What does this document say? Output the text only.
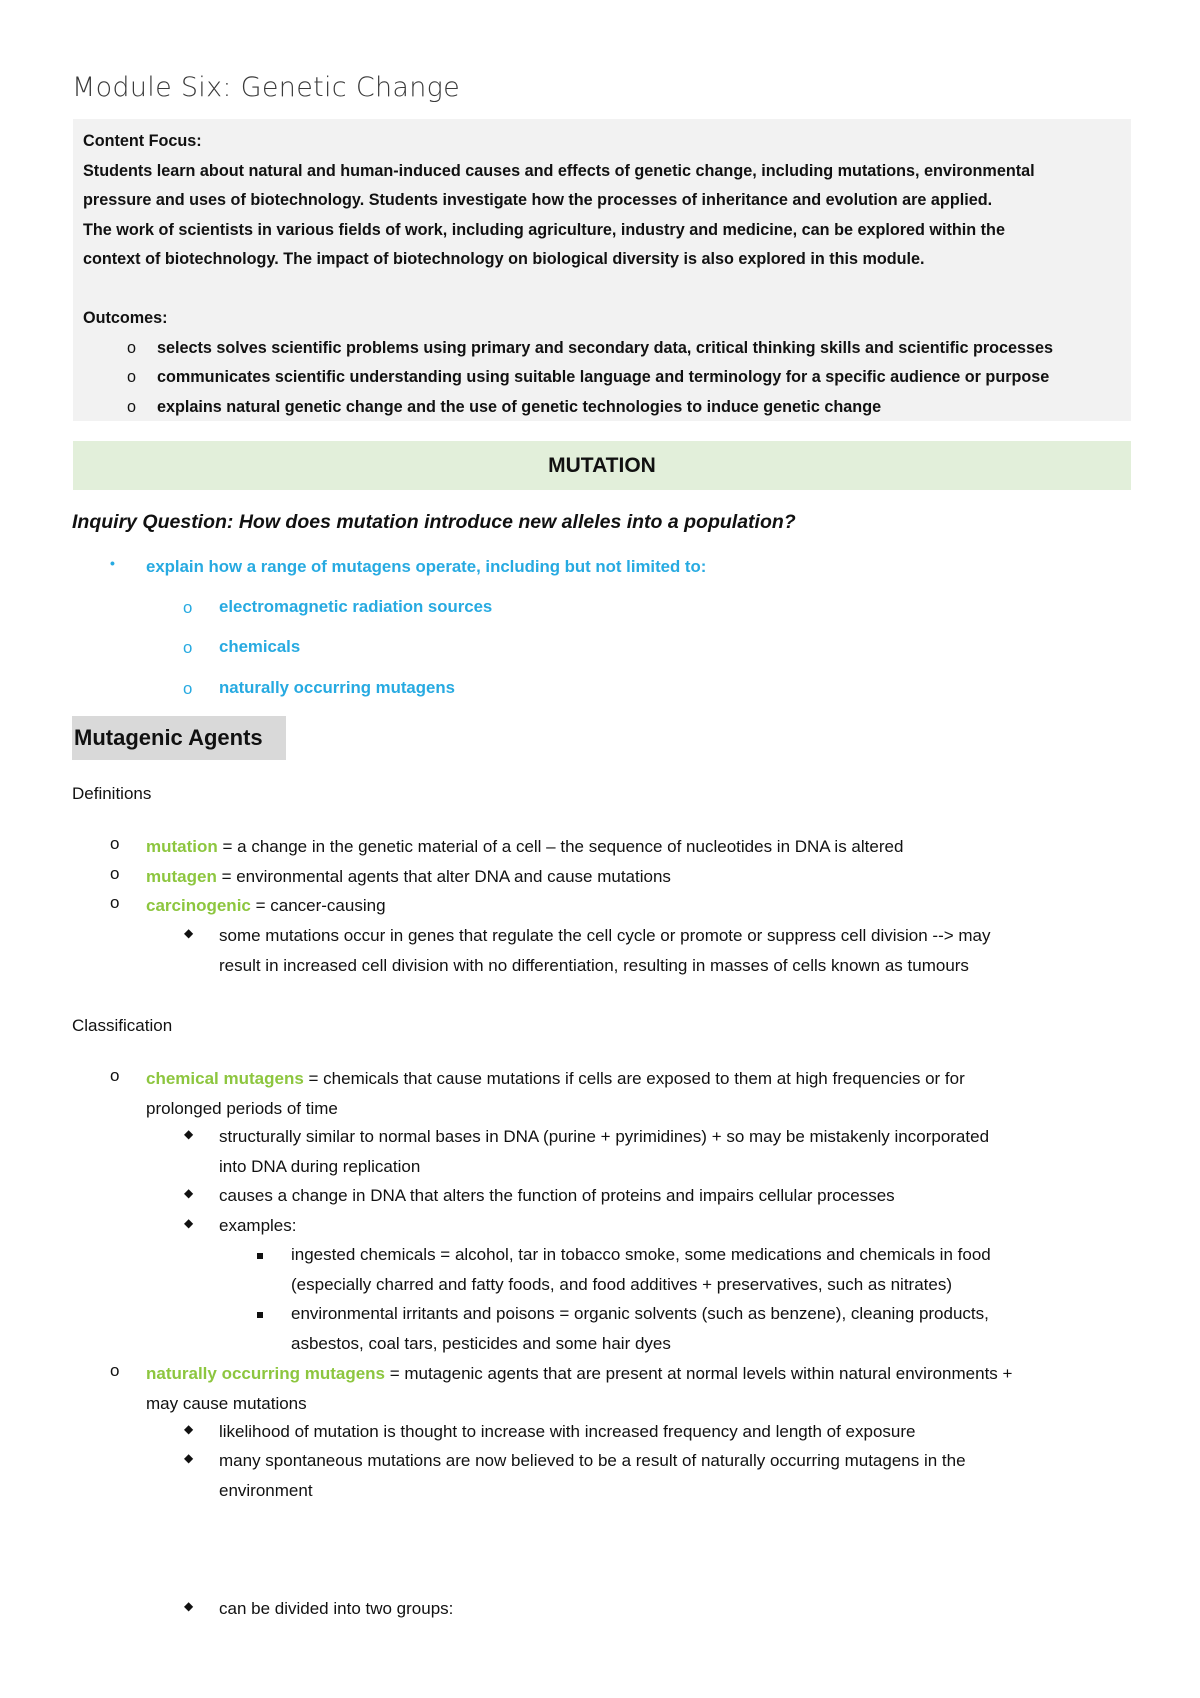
Module Six: Genetic Change

Content Focus:

Students learn about natural and human-induced causes and effects of genetic change, including mutations, environmental

pressure and uses of biotechnology. Students investigate how the processes of inheritance and evolution are applied.

The work of scientists in various fields of work, including agriculture, industry and medicine, can be explored within the

context of biotechnology. The impact of biotechnology on biological diversity is also explored in this module.

Outcomes:

o selects solves scientific problems using primary and secondary data, critical thinking skills and scientific processes
o communicates scientific understanding using suitable language and terminology for a specific audience or purpose
o explains natural genetic change and the use of genetic technologies to induce genetic change
MUTATION
Inquiry Question: How does mutation introduce new alleles into a population?
• explain how a range of mutagens operate, including but not limited to:
o electromagnetic radiation sources
o chemicals
o naturally occurring mutagens
Mutagenic Agents
Definitions
o mutation = a change in the genetic material of a cell – the sequence of nucleotides in DNA is altered
o mutagen = environmental agents that alter DNA and cause mutations
o carcinogenic = cancer-causing
◆ some mutations occur in genes that regulate the cell cycle or promote or suppress cell division --> may
result in increased cell division with no differentiation, resulting in masses of cells known as tumours
Classification
o chemical mutagens = chemicals that cause mutations if cells are exposed to them at high frequencies or for
prolonged periods of time
◆ structurally similar to normal bases in DNA (purine + pyrimidines) + so may be mistakenly incorporated
into DNA during replication
◆ causes a change in DNA that alters the function of proteins and impairs cellular processes
◆ examples:
ingested chemicals = alcohol, tar in tobacco smoke, some medications and chemicals in food
(especially charred and fatty foods, and food additives + preservatives, such as nitrates)
environmental irritants and poisons = organic solvents (such as benzene), cleaning products,
asbestos, coal tars, pesticides and some hair dyes
o naturally occurring mutagens = mutagenic agents that are present at normal levels within natural environments +
may cause mutations
◆ likelihood of mutation is thought to increase with increased frequency and length of exposure
◆ many spontaneous mutations are now believed to be a result of naturally occurring mutagens in the
environment
◆ can be divided into two groups:
